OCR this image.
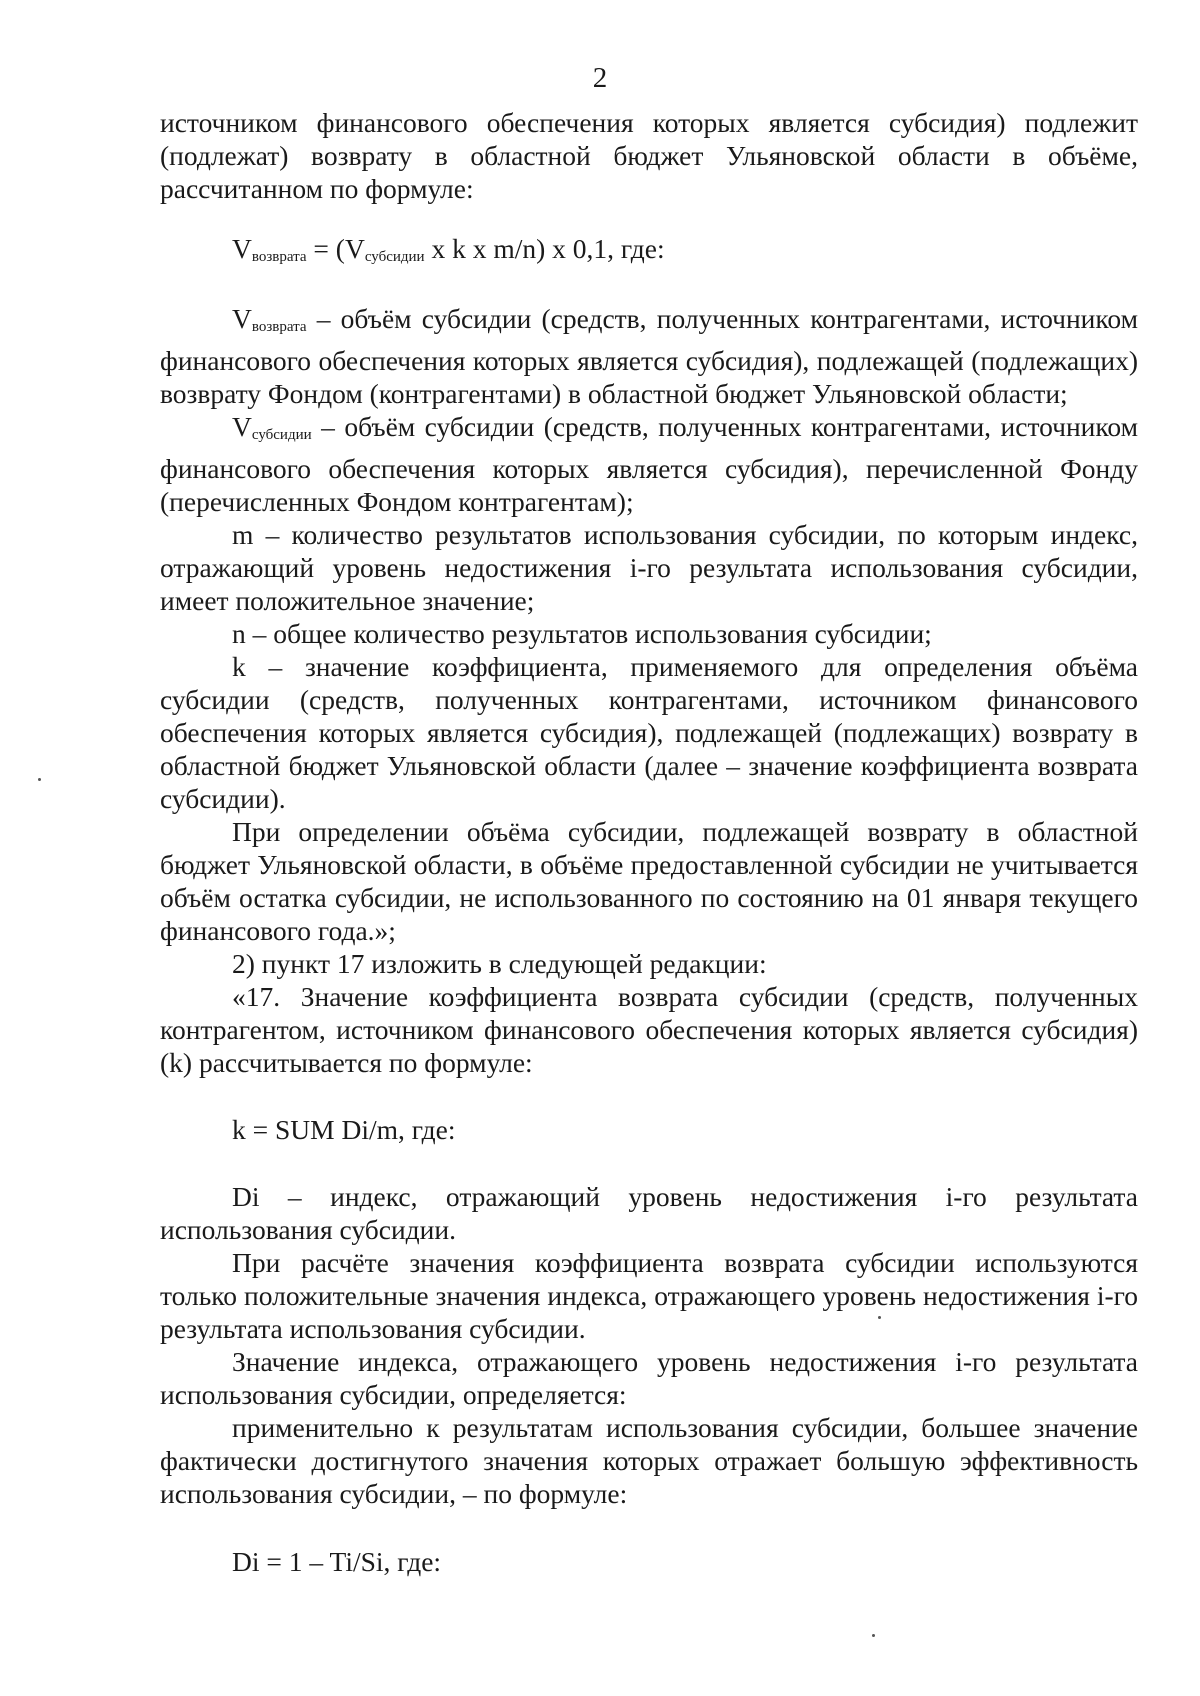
2

источником финансового обеспечения которых является субсидия) подлежит (подлежат) возврату в областной бюджет Ульяновской области в объёме, рассчитанном по формуле:

$V_{возврата} = (V_{субсидии}$ x k x m/n) x 0,1, где:

$V_{возврата}$ – объём субсидии (средств, полученных контрагентами, источником финансового обеспечения которых является субсидия), подлежащей (подлежащих) возврату Фондом (контрагентами) в областной бюджет Ульяновской области;

$V_{субсидии}$ – объём субсидии (средств, полученных контрагентами, источником финансового обеспечения которых является субсидия), перечисленной Фонду (перечисленных Фондом контрагентам);

m – количество результатов использования субсидии, по которым индекс, отражающий уровень недостижения i-го результата использования субсидии, имеет положительное значение;

n – общее количество результатов использования субсидии;

k – значение коэффициента, применяемого для определения объёма субсидии (средств, полученных контрагентами, источником финансового обеспечения которых является субсидия), подлежащей (подлежащих) возврату в областной бюджет Ульяновской области (далее – значение коэффициента возврата субсидии).

При определении объёма субсидии, подлежащей возврату в областной бюджет Ульяновской области, в объёме предоставленной субсидии не учитывается объём остатка субсидии, не использованного по состоянию на 01 января текущего финансового года.»;

2) пункт 17 изложить в следующей редакции:

«17. Значение коэффициента возврата субсидии (средств, полученных контрагентом, источником финансового обеспечения которых является субсидия) (k) рассчитывается по формуле:

k = SUM Di/m, где:

Di – индекс, отражающий уровень недостижения i-го результата использования субсидии.

При расчёте значения коэффициента возврата субсидии используются только положительные значения индекса, отражающего уровень недостижения i-го результата использования субсидии.

Значение индекса, отражающего уровень недостижения i-го результата использования субсидии, определяется:

применительно к результатам использования субсидии, большее значение фактически достигнутого значения которых отражает большую эффективность использования субсидии, – по формуле:

Di = 1 – Ti/Si, где:
